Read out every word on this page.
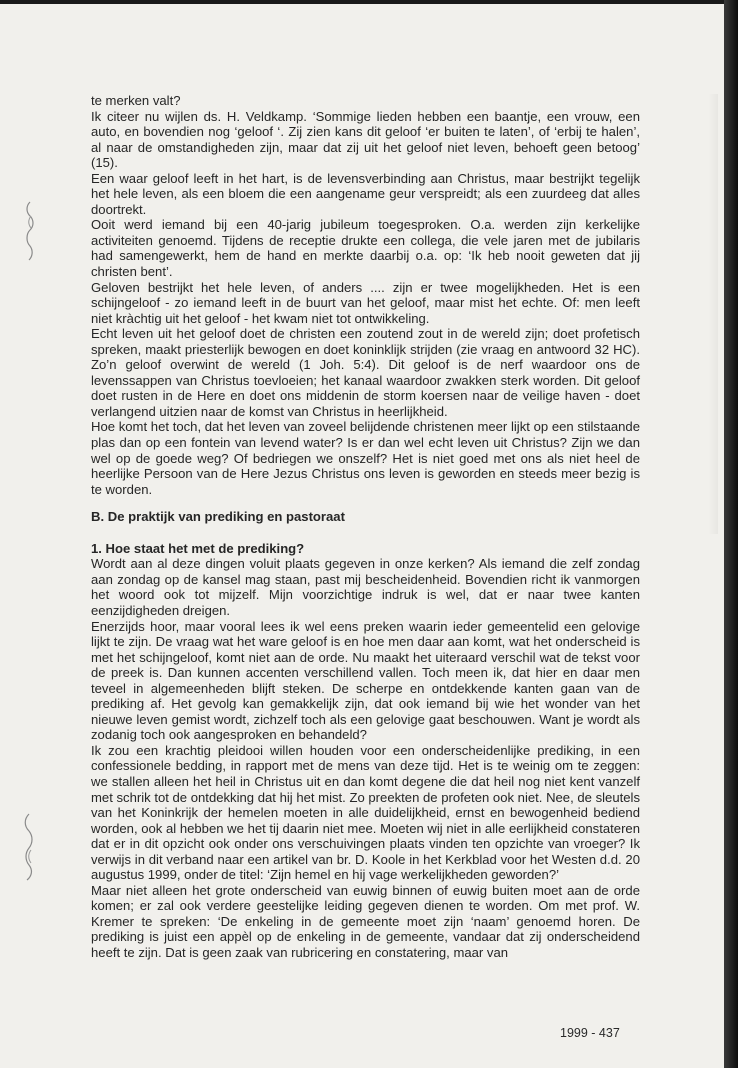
te merken valt?

Ik citeer nu wijlen ds. H. Veldkamp. ‘Sommige lieden hebben een baantje, een vrouw, een auto, en bovendien nog ‘geloof ‘. Zij zien kans dit geloof ‘er buiten te laten’, of ‘erbij te halen’, al naar de omstandigheden zijn, maar dat zij uit het geloof niet leven, behoeft geen betoog’ (15).

Een waar geloof leeft in het hart, is de levensverbinding aan Christus, maar bestrijkt tegelijk het hele leven, als een bloem die een aangename geur verspreidt; als een zuurdeeg dat alles doortrekt.

Ooit werd iemand bij een 40-jarig jubileum toegesproken. O.a. werden zijn kerkelijke activiteiten genoemd. Tijdens de receptie drukte een collega, die vele jaren met de jubilaris had samengewerkt, hem de hand en merkte daarbij o.a. op: ‘Ik heb nooit geweten dat jij christen bent’.

Geloven bestrijkt het hele leven, of anders .... zijn er twee mogelijkheden. Het is een schijngeloof - zo iemand leeft in de buurt van het geloof, maar mist het echte. Of: men leeft niet kràchtig uit het geloof - het kwam niet tot ontwikkeling.

Echt leven uit het geloof doet de christen een zoutend zout in de wereld zijn; doet profetisch spreken, maakt priesterlijk bewogen en doet koninklijk strijden (zie vraag en antwoord 32 HC). Zo’n geloof overwint de wereld (1 Joh. 5:4). Dit geloof is de nerf waardoor ons de levenssappen van Christus toevloeien; het kanaal waardoor zwakken sterk worden. Dit geloof doet rusten in de Here en doet ons middenin de storm koersen naar de veilige haven - doet verlangend uitzien naar de komst van Christus in heerlijkheid.

Hoe komt het toch, dat het leven van zoveel belijdende christenen meer lijkt op een stilstaande plas dan op een fontein van levend water? Is er dan wel echt leven uit Christus? Zijn we dan wel op de goede weg? Of bedriegen we onszelf? Het is niet goed met ons als niet heel de heerlijke Persoon van de Here Jezus Christus ons leven is geworden en steeds meer bezig is te worden.

B. De praktijk van prediking en pastoraat

1. Hoe staat het met de prediking?

Wordt aan al deze dingen voluit plaats gegeven in onze kerken? Als iemand die zelf zondag aan zondag op de kansel mag staan, past mij bescheidenheid. Bovendien richt ik vanmorgen het woord ook tot mijzelf. Mijn voorzichtige indruk is wel, dat er naar twee kanten eenzijdigheden dreigen.

Enerzijds hoor, maar vooral lees ik wel eens preken waarin ieder gemeentelid een gelovige lijkt te zijn. De vraag wat het ware geloof is en hoe men daar aan komt, wat het onderscheid is met het schijngeloof, komt niet aan de orde. Nu maakt het uiteraard verschil wat de tekst voor de preek is. Dan kunnen accenten verschillend vallen. Toch meen ik, dat hier en daar men teveel in algemeenheden blijft steken. De scherpe en ontdekkende kanten gaan van de prediking af. Het gevolg kan gemakkelijk zijn, dat ook iemand bij wie het wonder van het nieuwe leven gemist wordt, zichzelf toch als een gelovige gaat beschouwen. Want je wordt als zodanig toch ook aangesproken en behandeld?

Ik zou een krachtig pleidooi willen houden voor een onderscheidenlijke prediking, in een confessionele bedding, in rapport met de mens van deze tijd. Het is te weinig om te zeggen: we stallen alleen het heil in Christus uit en dan komt degene die dat heil nog niet kent vanzelf met schrik tot de ontdekking dat hij het mist. Zo preekten de profeten ook niet. Nee, de sleutels van het Koninkrijk der hemelen moeten in alle duidelijkheid, ernst en bewogenheid bediend worden, ook al hebben we het tij daarin niet mee. Moeten wij niet in alle eerlijkheid constateren dat er in dit opzicht ook onder ons verschuivingen plaats vinden ten opzichte van vroeger? Ik verwijs in dit verband naar een artikel van br. D. Koole in het Kerkblad voor het Westen d.d. 20 augustus 1999, onder de titel: ‘Zijn hemel en hij vage werkelijkheden geworden?’

Maar niet alleen het grote onderscheid van euwig binnen of euwig buiten moet aan de orde komen; er zal ook verdere geestelijke leiding gegeven dienen te worden. Om met prof. W. Kremer te spreken: ‘De enkeling in de gemeente moet zijn ‘naam’ genoemd horen. De prediking is juist een appèl op de enkeling in de gemeente, vandaar dat zij onderscheidend heeft te zijn. Dat is geen zaak van rubricering en constatering, maar van

1999 - 437
